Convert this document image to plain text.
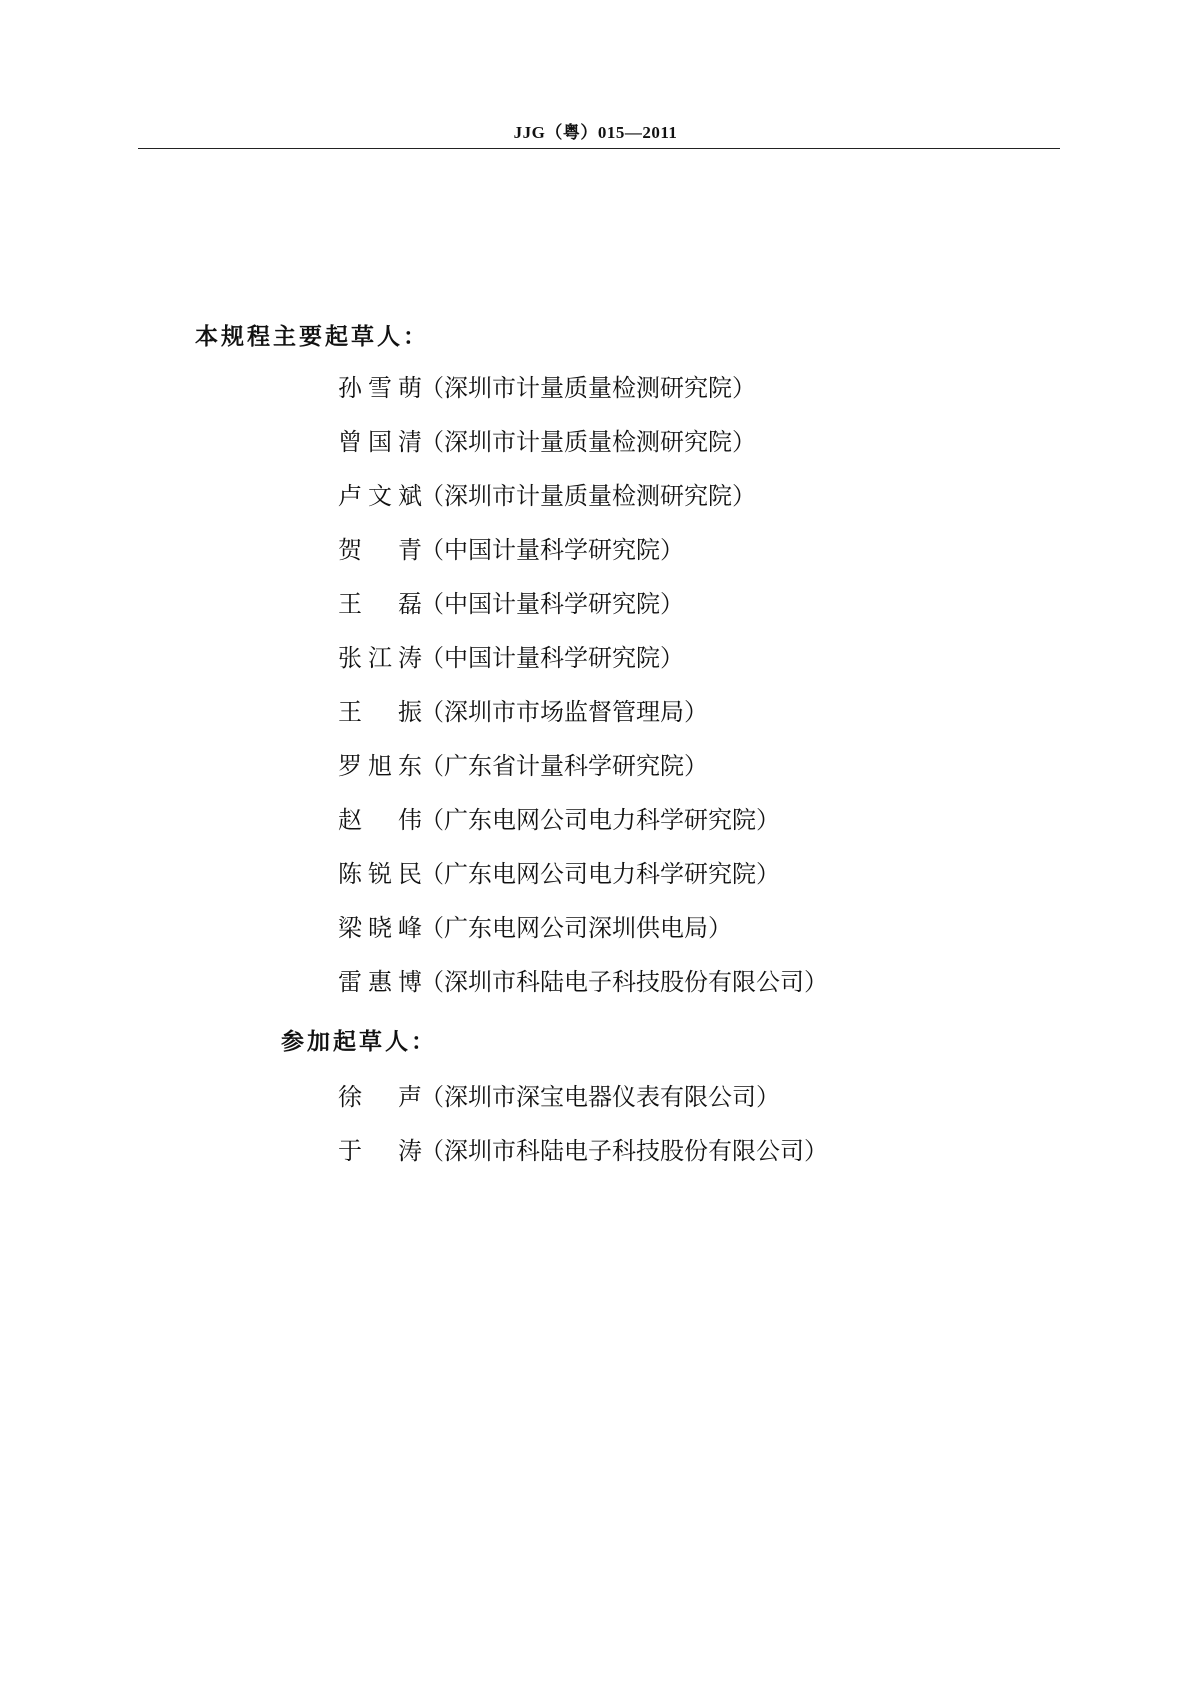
JJG（粤）015—2011
本规程主要起草人：
孙雪萌（深圳市计量质量检测研究院）
曾国清（深圳市计量质量检测研究院）
卢文斌（深圳市计量质量检测研究院）
贺 青（中国计量科学研究院）
王 磊（中国计量科学研究院）
张江涛（中国计量科学研究院）
王 振（深圳市市场监督管理局）
罗旭东（广东省计量科学研究院）
赵 伟（广东电网公司电力科学研究院）
陈锐民（广东电网公司电力科学研究院）
梁晓峰（广东电网公司深圳供电局）
雷惠博（深圳市科陆电子科技股份有限公司）
参加起草人：
徐 声（深圳市深宝电器仪表有限公司）
于 涛（深圳市科陆电子科技股份有限公司）
